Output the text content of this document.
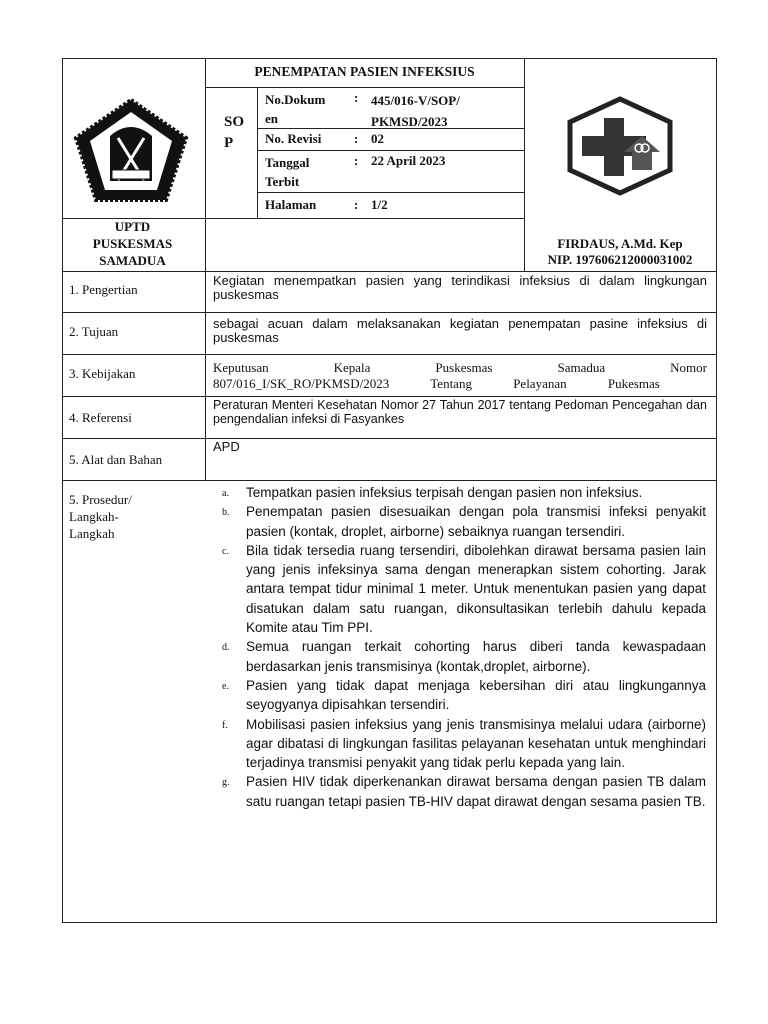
PENEMPATAN PASIEN INFEKSIUS
SO P
No.Dokum en
: 445/016-V/SOP/ PKMSD/2023
No. Revisi	: 02
Tanggal Terbit
: 22 April 2023
Halaman	: 1/2
UPTD PUSKESMAS SAMADUA
FIRDAUS, A.Md. Kep
NIP. 197606212000031002
1. Pengertian
Kegiatan menempatkan pasien yang terindikasi infeksius di dalam lingkungan puskesmas
2. Tujuan
sebagai acuan dalam melaksanakan kegiatan penempatan pasine infeksius di puskesmas
3. Kebijakan	Keputusan Kepala Puskesmas Samadua Nomor 807/016_I/SK_RO/PKMSD/2023 Tentang Pelayanan Pukesmas
4. Referensi
Peraturan Menteri Kesehatan Nomor 27 Tahun 2017 tentang Pedoman Pencegahan dan pengendalian infeksi di Fasyankes
5. Alat dan Bahan
APD
5. Prosedur/ Langkah-Langkah
a. Tempatkan pasien infeksius terpisah dengan pasien non infeksius.
b. Penempatan pasien disesuaikan dengan pola transmisi infeksi penyakit pasien (kontak, droplet, airborne) sebaiknya ruangan tersendiri.
c. Bila tidak tersedia ruang tersendiri, dibolehkan dirawat bersama pasien lain yang jenis infeksinya sama dengan menerapkan sistem cohorting. Jarak antara tempat tidur minimal 1 meter. Untuk menentukan pasien yang dapat disatukan dalam satu ruangan, dikonsultasikan terlebih dahulu kepada Komite atau Tim PPI.
d. Semua ruangan terkait cohorting harus diberi tanda kewaspadaan berdasarkan jenis transmisinya (kontak,droplet, airborne).
e. Pasien yang tidak dapat menjaga kebersihan diri atau lingkungannya seyogyanya dipisahkan tersendiri.
f. Mobilisasi pasien infeksius yang jenis transmisinya melalui udara (airborne) agar dibatasi di lingkungan fasilitas pelayanan kesehatan untuk menghindari terjadinya transmisi penyakit yang tidak perlu kepada yang lain.
g. Pasien HIV tidak diperkenankan dirawat bersama dengan pasien TB dalam satu ruangan tetapi pasien TB-HIV dapat dirawat dengan sesama pasien TB.
